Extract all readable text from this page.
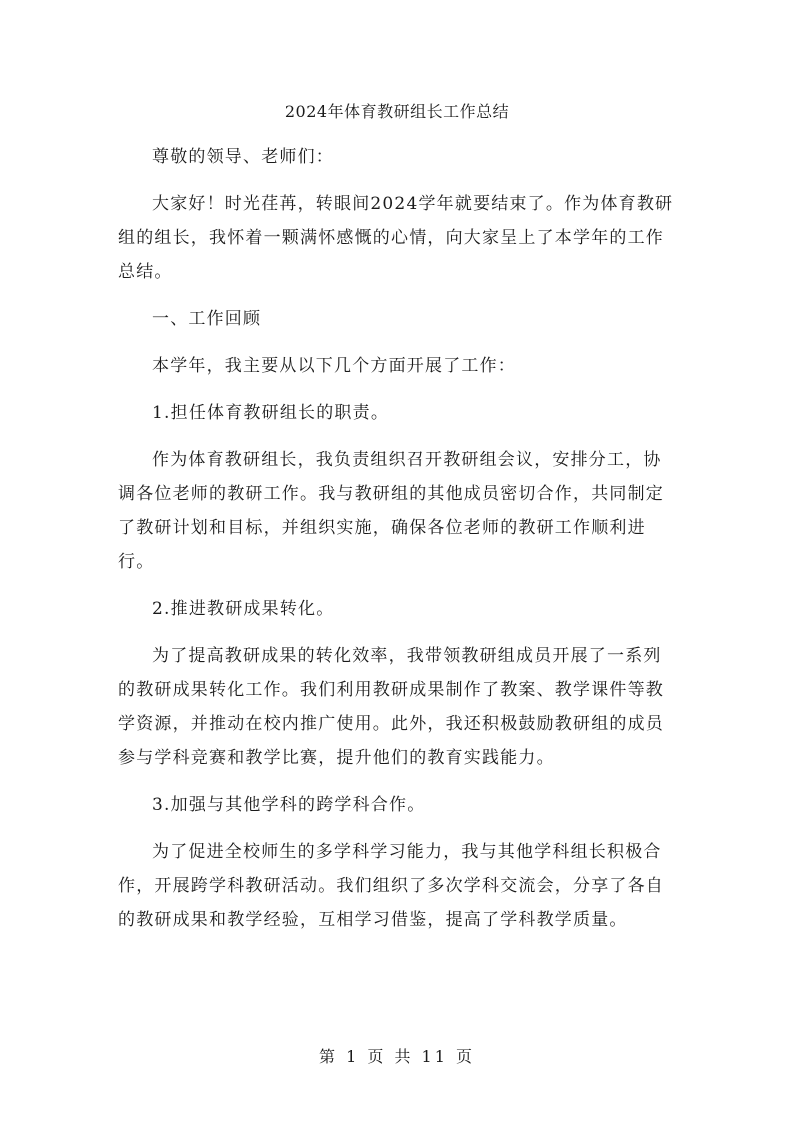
2024年体育教研组长工作总结

尊敬的领导、老师们：

大家好！时光荏苒，转眼间2024学年就要结束了。作为体育教研组的组长，我怀着一颗满怀感慨的心情，向大家呈上了本学年的工作总结。

一、工作回顾

本学年，我主要从以下几个方面开展了工作：

1.担任体育教研组长的职责。

作为体育教研组长，我负责组织召开教研组会议，安排分工，协调各位老师的教研工作。我与教研组的其他成员密切合作，共同制定了教研计划和目标，并组织实施，确保各位老师的教研工作顺利进行。

2.推进教研成果转化。

为了提高教研成果的转化效率，我带领教研组成员开展了一系列的教研成果转化工作。我们利用教研成果制作了教案、教学课件等教学资源，并推动在校内推广使用。此外，我还积极鼓励教研组的成员参与学科竞赛和教学比赛，提升他们的教育实践能力。

3.加强与其他学科的跨学科合作。

为了促进全校师生的多学科学习能力，我与其他学科组长积极合作，开展跨学科教研活动。我们组织了多次学科交流会，分享了各自的教研成果和教学经验，互相学习借鉴，提高了学科教学质量。

第 1 页 共 11 页
